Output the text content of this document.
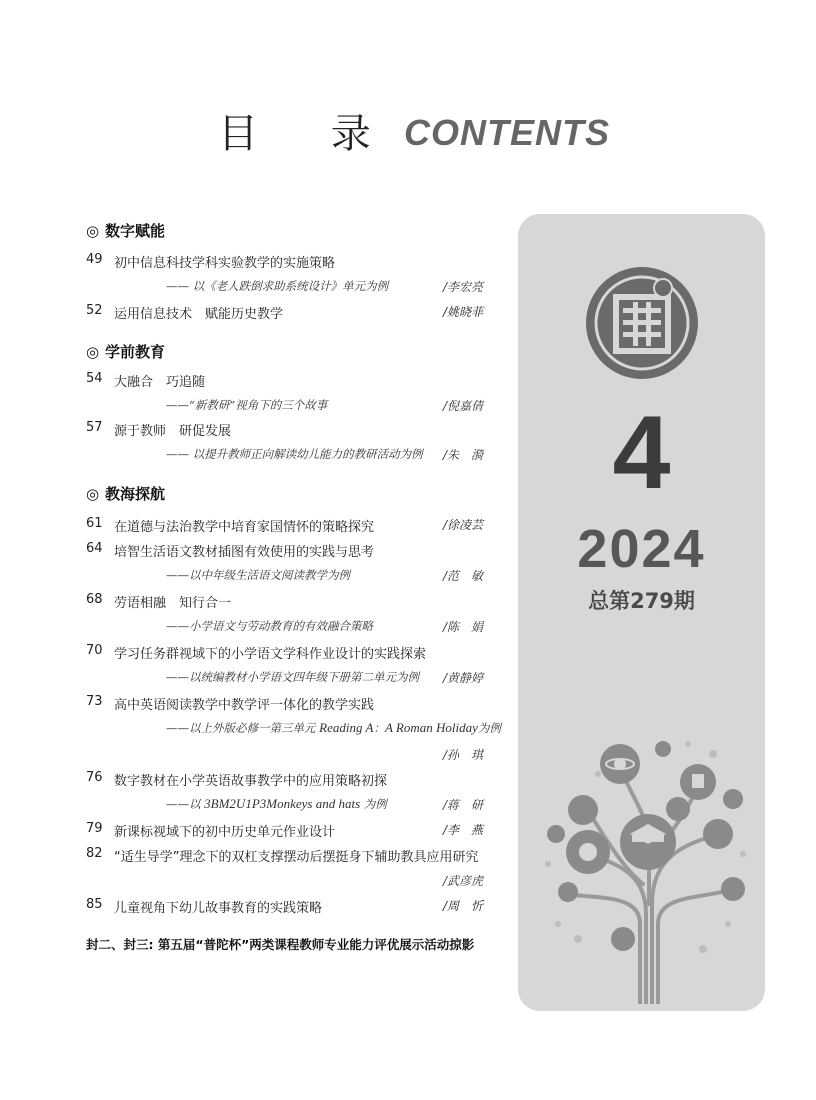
目 录 CONTENTS
◎ 数字赋能
49 初中信息科技学科实验教学的实施策略
—— 以《老人跌倒求助系统设计》单元为例	/李宏亮
52 运用信息技术　赋能历史教学	/姚晓菲
◎ 学前教育
54 大融合　巧追随
——“新教研”视角下的三个故事	/倪嘉倩
57 源于教师　研促发展
—— 以提升教师正向解读幼儿能力的教研活动为例 /朱　漪
◎ 教海探航
61 在道德与法治教学中培育家国情怀的策略探究	/徐凌芸
64 培智生活语文教材插图有效使用的实践与思考
——以中年级生活语文阅读教学为例	/范　敏
68 劳语相融　知行合一
——小学语文与劳动教育的有效融合策略	/陈　娟
70 学习任务群视域下的小学语文学科作业设计的实践探索
——以统编教材小学语文四年级下册第二单元为例 /黄静婷
73 高中英语阅读教学中教学评一体化的教学实践
——以上外版必修一第三单元 Reading A：A Roman Holiday为例
/孙　琪
76 数字教材在小学英语故事教学中的应用策略初探
——以 3BM2U1P3Monkeys and hats 为例	/蒋　研
79 新课标视域下的初中历史单元作业设计	/李　燕
82 “适生导学”理念下的双杠支撑摆动后摆挺身下辅助教具应用研究
/武彦虎
85 儿童视角下幼儿故事教育的实践策略	/周　忻
封二、封三: 第五届“普陀杯”两类课程教师专业能力评优展示活动掠影
4
2024
总第279期
